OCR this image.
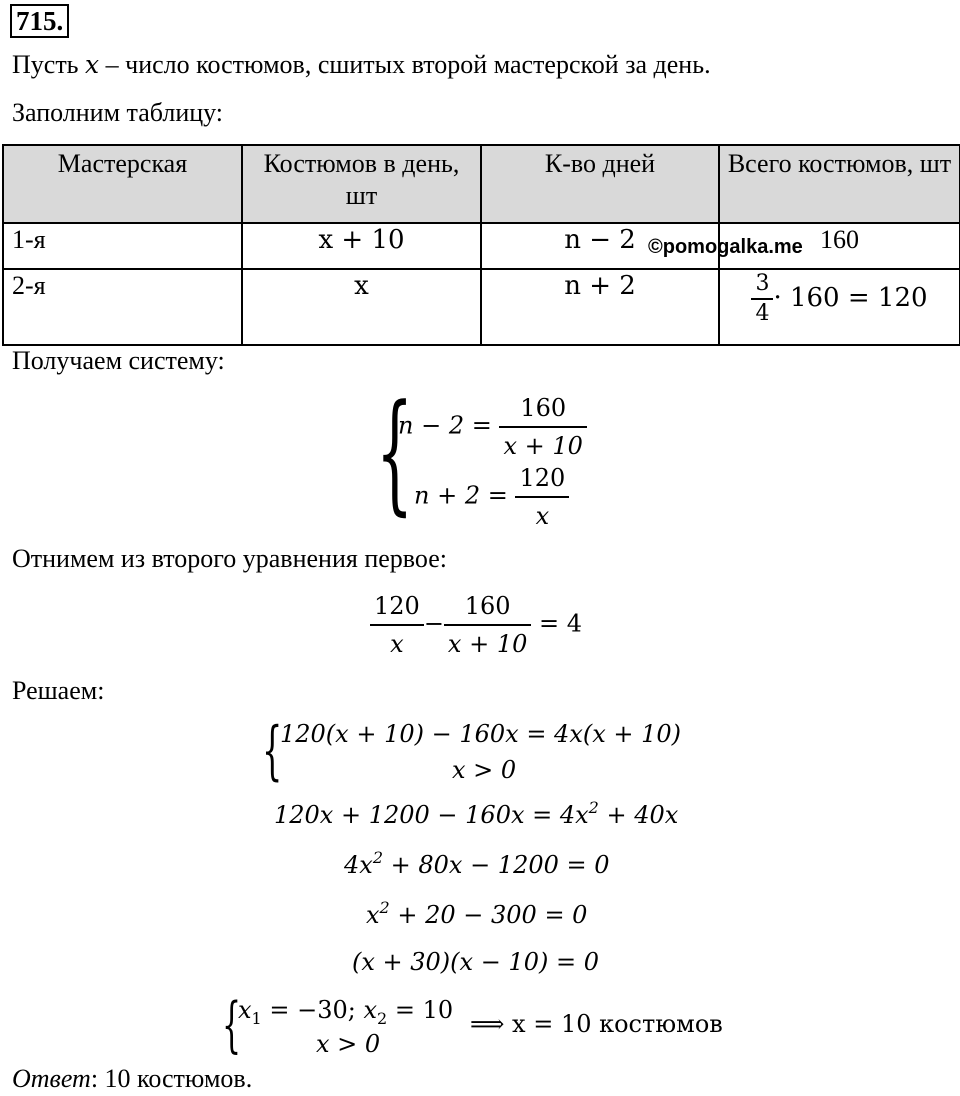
715.
Пусть x – число костюмов, сшитых второй мастерской за день.
Заполним таблицу:
Мастерская	Костюмов в день, шт	К-во дней	Всего костюмов, шт
1-я	x + 10	n − 2	160
2-я	x	n + 2	$\frac{3}{4} \cdot 160 = 120$
©pomogalka.me
Получаем систему:
{
$n - 2 = \frac{160}{x + 10}$
$n + 2 = \frac{120}{x}$
Отнимем из второго уравнения первое:
$\frac{120}{x} - \frac{160}{x + 10} = 4$
Решаем:
{
120(x + 10) − 160x = 4x(x + 10)
x > 0
$120x + 1200 - 160x = 4x^2 + 40x$
$4x^2 + 80x - 1200 = 0$
$x^2 + 20 - 300 = 0$
(x + 30)(x − 10) = 0
{
$x_1 = -30$; $x_2 = 10$
x > 0
⟹ x = 10 костюмов
Ответ: 10 костюмов.
